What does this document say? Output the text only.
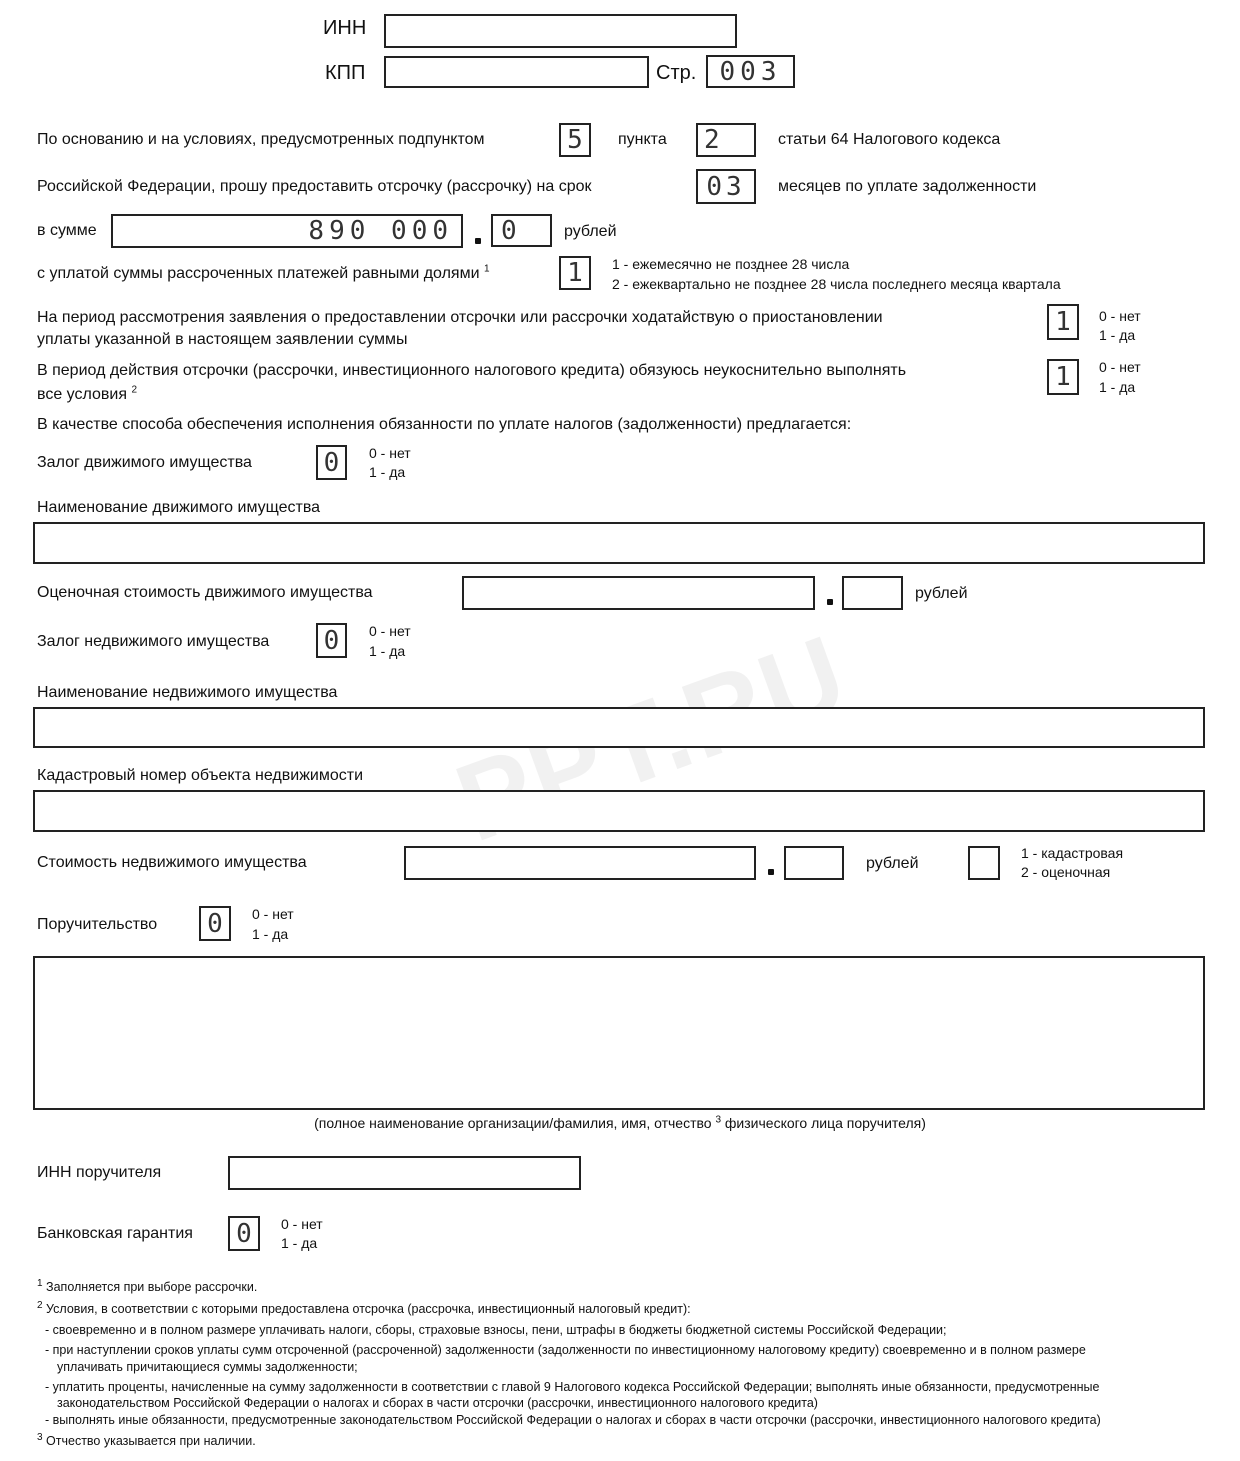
ИНН
КПП	Стр. 003
По основанию и на условиях, предусмотренных подпунктом	5	пункта	2	статьи 64 Налогового кодекса
Российской Федерации, прошу предоставить отсрочку (рассрочку) на срок	03	месяцев по уплате задолженности
в сумме	890 000	0	рублей
с уплатой суммы рассроченных платежей равными долями $^1$	1	1 - ежемесячно не позднее 28 числа
2 - ежеквартально не позднее 28 числа последнего месяца квартала
На период рассмотрения заявления о предоставлении отсрочки или рассрочки ходатайствую о приостановлении
уплаты указанной в настоящем заявлении суммы
1	0 - нет
1 - да
В период действия отсрочки (рассрочки, инвестиционного налогового кредита) обязуюсь неукоснительно выполнять
все условия $^2$	1	0 - нет
1 - да
В качестве способа обеспечения исполнения обязанности по уплате налогов (задолженности) предлагается:
Залог движимого имущества	0	0 - нет
1 - да
Наименование движимого имущества
Оценочная стоимость движимого имущества	рублей
Залог недвижимого имущества 0	0 - нет
1 - да
Наименование недвижимого имущества
Кадастровый номер объекта недвижимости
Стоимость недвижимого имущества	рублей
1 - кадастровая
2 - оценочная
Поручительство	0	0 - нет
1 - да
(полное наименование организации/фамилия, имя, отчество $^3$ физического лица поручителя)
ИНН поручителя
Банковская гарантия	0	0 - нет
1 - да
$^1$ Заполняется при выборе рассрочки.
$^2$ Условия, в соответствии с которыми предоставлена отсрочка (рассрочка, инвестиционный налоговый кредит):
- своевременно и в полном размере уплачивать налоги, сборы, страховые взносы, пени, штрафы в бюджеты бюджетной системы Российской Федерации;
- при наступлении сроков уплаты сумм отсроченной (рассроченной) задолженности (задолженности по инвестиционному налоговому кредиту) своевременно и в полном размере
уплачивать причитающиеся суммы задолженности;
- уплатить проценты, начисленные на сумму задолженности в соответствии с главой 9 Налогового кодекса Российской Федерации; выполнять иные обязанности, предусмотренные
законодательством Российской Федерации о налогах и сборах в части отсрочки (рассрочки, инвестиционного налогового кредита)
- выполнять иные обязанности, предусмотренные законодательством Российской Федерации о налогах и сборах в части отсрочки (рассрочки, инвестиционного налогового кредита)
$^3$ Отчество указывается при наличии.
